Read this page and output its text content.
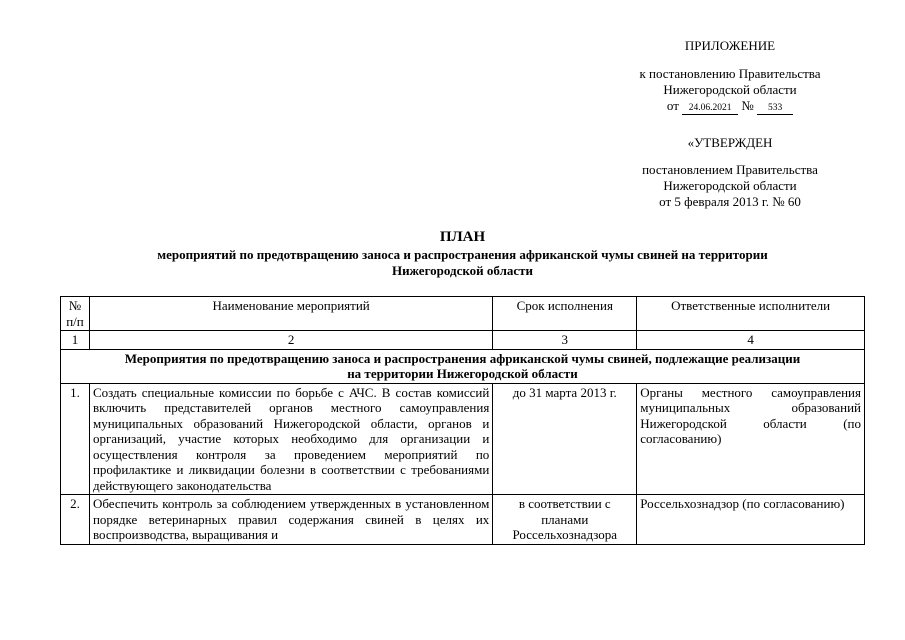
ПРИЛОЖЕНИЕ
к постановлению Правительства
Нижегородской области
от 24.06.2021 № 533
«УТВЕРЖДЕН
постановлением Правительства
Нижегородской области
от 5 февраля 2013 г. № 60
ПЛАН
мероприятий по предотвращению заноса и распространения африканской чумы свиней на территории
Нижегородской области
№ п/п	Наименование мероприятий	Срок исполнения	Ответственные исполнители
1	2	3	4
Мероприятия по предотвращению заноса и распространения африканской чумы свиней, подлежащие реализации на территории Нижегородской области			
1.	Создать специальные комиссии по борьбе с АЧС. В состав комиссий включить представителей органов местного самоуправления муниципальных образований Нижегородской области, органов и организаций, участие которых необходимо для организации и осуществления контроля за проведением мероприятий по профилактике и ликвидации болезни в соответствии с требованиями действующего законодательства	до 31 марта 2013 г.	Органы местного самоуправления муниципальных образований Нижегородской области (по согласованию)
2.	Обеспечить контроль за соблюдением утвержденных в установленном порядке ветеринарных правил содержания свиней в целях их воспроизводства, выращивания и	в соответствии с планами Россельхознадзора	Россельхознадзор (по согласованию)
